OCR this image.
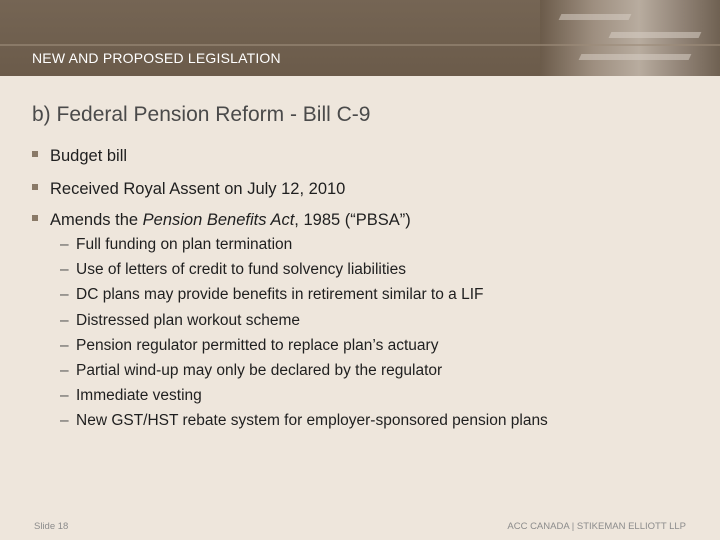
NEW AND PROPOSED LEGISLATION
b) Federal Pension Reform - Bill C-9
Budget bill
Received Royal Assent on July 12, 2010
Amends the Pension Benefits Act, 1985 (“PBSA”)
– Full funding on plan termination
– Use of letters of credit to fund solvency liabilities
– DC plans may provide benefits in retirement similar to a LIF
– Distressed plan workout scheme
– Pension regulator permitted to replace plan’s actuary
– Partial wind-up may only be declared by the regulator
– Immediate vesting
– New GST/HST rebate system for employer-sponsored pension plans
Slide 18	ACC CANADA | STIKEMAN ELLIOTT LLP
